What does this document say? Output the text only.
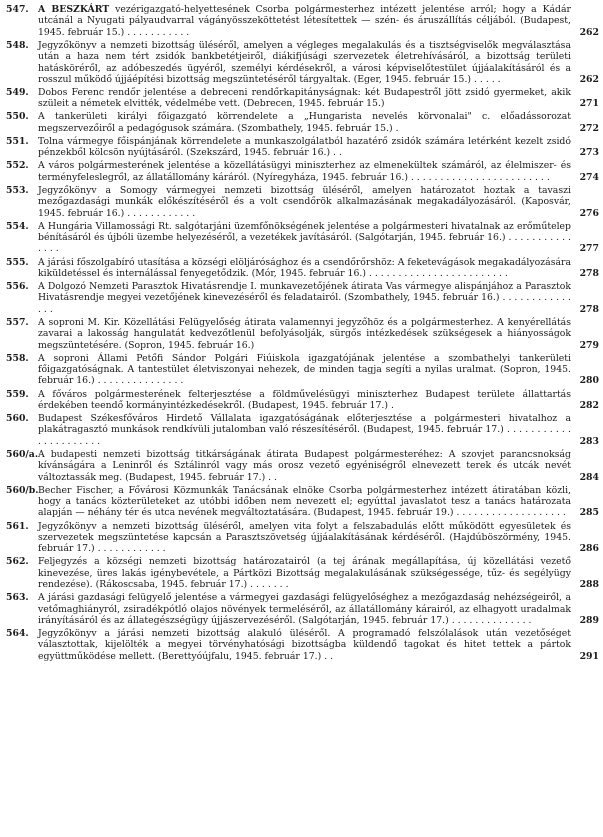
547.	A BESZKÁRT vezérigazgató-helyettesének Csorba polgármesterhez intézett jelentése arról; hogy a Kádár utcánál a Nyugati pályaudvarral vágányösszeköttetést létesítettek — szén- és áruszállítás céljából. (Budapest, 1945. február 15.) . . . . . . . . . . .	262
548.	Jegyzőkönyv a nemzeti bizottság üléséről, amelyen a végleges megalakulás és a tisztségviselők megválasztása után a haza nem tért zsidók bankbetétjeiről, diákifjúsági szervezetek életrehívásáról, a bizottság területi hatásköréről, az adóbeszedés ügyéről, személyi kérdésekről, a városi képviselőtestület újjáalakításáról és a rosszul működő újjáépítési bizottság megszüntetéséről tárgyaltak. (Eger, 1945. február 15.) . . . . .	262
549.	Dobos Ferenc rendőr jelentése a debreceni rendőrkapitányságnak: két Budapestről jött zsidó gyermeket, akik szüleit a németek elvitték, védelmébe vett. (Debrecen, 1945. február 15.)	271
550.	A tankerületi királyi főigazgató körrendelete a „Hungarista nevelés körvonalai" c. előadássorozat megszervezőiről a pedagógusok számára. (Szombathely, 1945. február 15.) .	272
551.	Tolna vármegye főispánjának körrendelete a munkaszolgálatból hazatérő zsidók számára letérként kezelt zsidó pénzekből kölcsön nyújtásáról. (Szekszárd, 1945. február 16.) . .	273
552.	A város polgármesterének jelentése a közellátásügyi miniszterhez az elmenekültek számáról, az élelmiszer- és terményfeleslegről, az állatállomány káráról. (Nyíregyháza, 1945. február 16.) . . . . . . . . . . . . . . . . . . . . . . . .	274
553.	Jegyzőkönyv a Somogy vármegyei nemzeti bizottság üléséről, amelyen határozatot hoztak a tavaszi mezőgazdasági munkák előkészítéséről és a volt csendőrök alkalmazásának megakadályozásáról. (Kaposvár, 1945. február 16.) . . . . . . . . . . . .	276
554.	A Hungária Villamossági Rt. salgótarjáni üzemfőnökségének jelentése a polgármesteri hivatalnak az erőműtelep bénításáról és újbóli üzembe helyezéséről, a vezetékek javításáról. (Salgótarján, 1945. február 16.) . . . . . . . . . . . . . . .	277
555.	A járási főszolgabíró utasítása a községi elöljárósághoz és a csendőrőrshöz: A feketevágások megakadályozására kiküldetéssel és internálással fenyegetődzik. (Mór, 1945. február 16.) . . . . . . . . . . . . . . . . . . . . . . . .	278
556.	A Dolgozó Nemzeti Parasztok Hivatásrendje I. munkavezetőjének átirata Vas vármegye alispánjához a Parasztok Hivatásrendje megyei vezetőjének kinevezéséről és feladatairól. (Szombathely, 1945. február 16.) . . . . . . . . . . . . . . .	278
557.	A soproni M. Kir. Közellátási Felügyelőség átirata valamennyi jegyzőhöz és a polgármesterhez. A kenyérellátás zavarai a lakosság hangulatát kedvezőtlenül befolyásolják, sürgős intézkedések szükségesek a hiányosságok megszüntetésére. (Sopron, 1945. február 16.)	279
558.	A soproni Állami Petőfi Sándor Polgári Fiúiskola igazgatójának jelentése a szombathelyi tankerületi főigazgatóságnak. A tantestület életviszonyai nehezek, de minden tagja segíti a nyilas uralmat. (Sopron, 1945. február 16.) . . . . . . . . . . . . . . .	280
559.	A főváros polgármesterének felterjesztése a földművelésügyi miniszterhez Budapest területe állattartás érdekében teendő kormányintézkedésekről. (Budapest, 1945. február 17.) .	282
560.	Budapest Székesfőváros Hirdető Vállalata igazgatóságának előterjesztése a polgármesteri hivatalhoz a plakátragasztó munkások rendkívüli jutalomban való részesítéséről. (Budapest, 1945. február 17.) . . . . . . . . . . . . . . . . . . . . . .	283
560/a. A budapesti nemzeti bizottság titkárságának átirata Budapest polgármesteréhez: A szovjet parancsnokság kívánságára a Leninről és Sztálinról vagy más orosz vezető egyéniségről elnevezett terek és utcák nevét változtassák meg. (Budapest, 1945. február 17.) . .	284
560/b. Becher Fischer, a Fővárosi Közmunkák Tanácsának elnöke Csorba polgármesterhez intézett átiratában közli, hogy a tanács közterületeket az utóbbi időben nem nevezett el; egyúttal javaslatot tesz a tanács határozata alapján — néhány tér és utca nevének megváltoztatására. (Budapest, 1945. február 19.) . . . . . . . . . . . . . . . . . . .	285
561.	Jegyzőkönyv a nemzeti bizottság üléséről, amelyen vita folyt a felszabadulás előtt működött egyesületek és szervezetek megszüntetése kapcsán a Parasztszövetség újjáalakításának kérdéséről. (Hajdúböszörmény, 1945. február 17.) . . . . . . . . . . . .	286
562.	Feljegyzés a községi nemzeti bizottság határozatairól (a tej árának megállapítása, új közellátási vezető kinevezése, üres lakás igénybevétele, a Pártközi Bizottság megalakulásának szükségessége, tűz- és segélyügy rendezése). (Rákoscsaba, 1945. február 17.) . . . . . . .	288
563.	A járási gazdasági felügyelő jelentése a vármegyei gazdasági felügyelőséghez a mezőgazdaság nehézségeiről, a vetőmaghiányról, zsiradékpótló olajos növények termeléséről, az állatállomány kárairól, az elhagyott uradalmak irányításáról és az állategészségügy újjászervezéséről. (Salgótarján, 1945. február 17.) . . . . . . . . . . . . . .	289
564.	Jegyzőkönyv a járási nemzeti bizottság alakuló üléséről. A programadó felszólalások után vezetőséget választottak, kijelölték a megyei törvényhatósági bizottságba küldendő tagokat és hitet tettek a pártok együttműködése mellett. (Berettyóújfalu, 1945. február 17.) . .	291
